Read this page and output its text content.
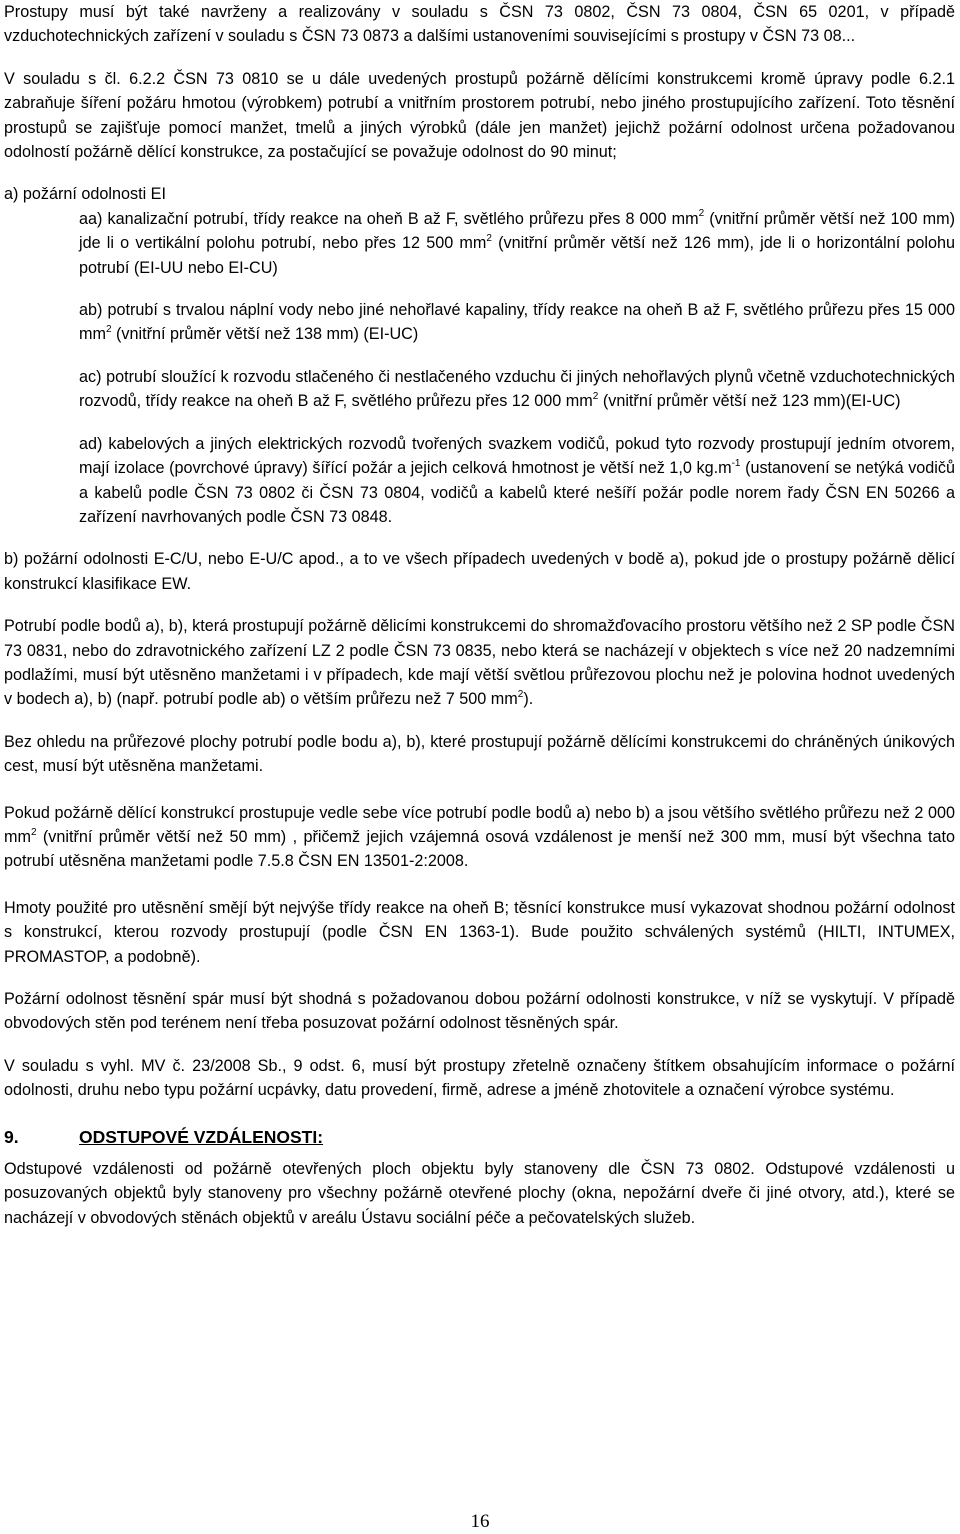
Prostupy musí být také navrženy a realizovány v souladu s ČSN 73 0802, ČSN 73 0804, ČSN 65 0201, v případě vzduchotechnických zařízení v souladu s ČSN 73 0873 a dalšími ustanoveními souvisejícími s prostupy v ČSN 73 08...

V souladu s čl. 6.2.2 ČSN 73 0810 se u dále uvedených prostupů požárně dělícími konstrukcemi kromě úpravy podle 6.2.1 zabraňuje šíření požáru hmotou (výrobkem) potrubí a vnitřním prostorem potrubí, nebo jiného prostupujícího zařízení. Toto těsnění prostupů se zajišťuje pomocí manžet, tmelů a jiných výrobků (dále jen manžet) jejichž požární odolnost určena požadovanou odolností požárně dělící konstrukce, za postačující se považuje odolnost do 90 minut;

a) požární odolnosti EI

aa) kanalizační potrubí, třídy reakce na oheň B až F, světlého průřezu přes 8 000 $mm^2$ (vnitřní průměr větší než 100 mm) jde li o vertikální polohu potrubí, nebo přes 12 500 $mm^2$ (vnitřní průměr větší než 126 mm), jde li o horizontální polohu potrubí (EI-UU nebo EI-CU)

ab) potrubí s trvalou náplní vody nebo jiné nehořlavé kapaliny, třídy reakce na oheň B až F, světlého průřezu přes 15 000 $mm^2$ (vnitřní průměr větší než 138 mm) (EI-UC)

ac) potrubí sloužící k rozvodu stlačeného či nestlačeného vzduchu či jiných nehořlavých plynů včetně vzduchotechnických rozvodů, třídy reakce na oheň B až F, světlého průřezu přes 12 000 $mm^2$ (vnitřní průměr větší než 123 mm)(EI-UC)

ad) kabelových a jiných elektrických rozvodů tvořených svazkem vodičů, pokud tyto rozvody prostupují jedním otvorem, mají izolace (povrchové úpravy) šířící požár a jejich celková hmotnost je větší než 1,0 $kg.m^{-1}$ (ustanovení se netýká vodičů a kabelů podle ČSN 73 0802 či ČSN 73 0804, vodičů a kabelů které nešíří požár podle norem řady ČSN EN 50266 a zařízení navrhovaných podle ČSN 73 0848.

b) požární odolnosti E-C/U, nebo E-U/C apod., a to ve všech případech uvedených v bodě a), pokud jde o prostupy požárně dělicí konstrukcí klasifikace EW.

Potrubí podle bodů a), b), která prostupují požárně dělicími konstrukcemi do shromažďovacího prostoru většího než 2 SP podle ČSN 73 0831, nebo do zdravotnického zařízení LZ 2 podle ČSN 73 0835, nebo která se nacházejí v objektech s více než 20 nadzemními podlažími, musí být utěsněno manžetami i v případech, kde mají větší světlou průřezovou plochu než je polovina hodnot uvedených v bodech a), b) (např. potrubí podle ab) o větším průřezu než 7 500 $mm^2$).

Bez ohledu na průřezové plochy potrubí podle bodu a), b), které prostupují požárně dělícími konstrukcemi do chráněných únikových cest, musí být utěsněna manžetami.

Pokud požárně dělící konstrukcí prostupuje vedle sebe více potrubí podle bodů a) nebo b) a jsou většího světlého průřezu než 2 000 $mm^2$ (vnitřní průměr větší než 50 mm) , přičemž jejich vzájemná osová vzdálenost je menší než 300 mm, musí být všechna tato potrubí utěsněna manžetami podle 7.5.8 ČSN EN 13501-2:2008.

Hmoty použité pro utěsnění smějí být nejvýše třídy reakce na oheň B; těsnící konstrukce musí vykazovat shodnou požární odolnost s konstrukcí, kterou rozvody prostupují (podle ČSN EN 1363-1). Bude použito schválených systémů (HILTI, INTUMEX, PROMASTOP, a podobně).

Požární odolnost těsnění spár musí být shodná s požadovanou dobou požární odolnosti konstrukce, v níž se vyskytují. V případě obvodových stěn pod terénem není třeba posuzovat požární odolnost těsněných spár.

V souladu s vyhl. MV č. 23/2008 Sb., 9 odst. 6, musí být prostupy zřetelně označeny štítkem obsahujícím informace o požární odolnosti, druhu nebo typu požární ucpávky, datu provedení, firmě, adrese a jméně zhotovitele a označení výrobce systému.

9.	ODSTUPOVÉ VZDÁLENOSTI:

Odstupové vzdálenosti od požárně otevřených ploch objektu byly stanoveny dle ČSN 73 0802. Odstupové vzdálenosti u posuzovaných objektů byly stanoveny pro všechny požárně otevřené plochy (okna, nepožární dveře či jiné otvory, atd.), které se nacházejí v obvodových stěnách objektů v areálu Ústavu sociální péče a pečovatelských služeb.

16
